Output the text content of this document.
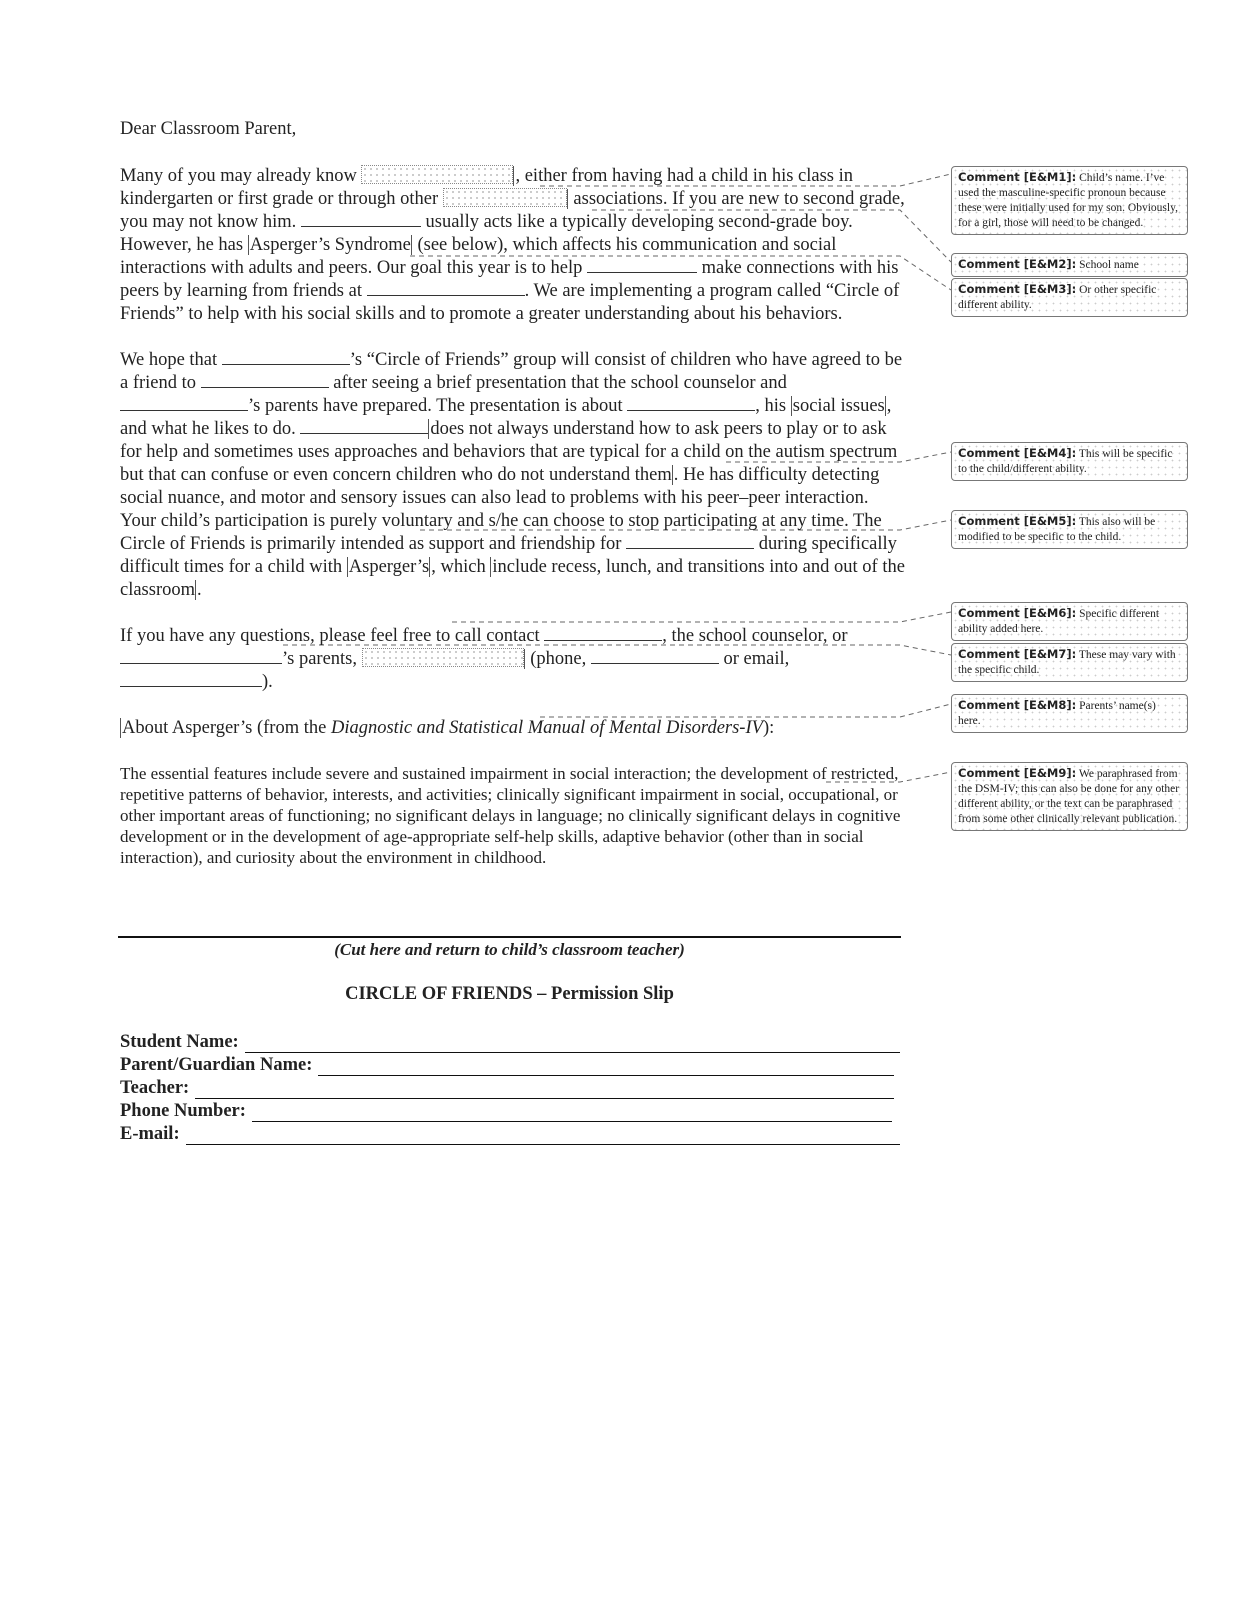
Dear Classroom Parent,

Many of you may already know	, either from having had a child in his class in kindergarten or first grade or through other	associations. If you are new to second grade, you may not know him.	usually acts like a typically developing second-grade boy. However, he has Asperger’s Syndrome (see below), which affects his communication and social interactions with adults and peers. Our goal this year is to help	make connections with his peers by learning from friends at	. We are implementing a program called “Circle of Friends” to help with his social skills and to promote a greater understanding about his behaviors.

We hope that	’s “Circle of Friends” group will consist of children who have agreed to be a friend to	after seeing a brief presentation that the school counselor and ’s parents have prepared. The presentation is about	, his social issues , and what he likes to do.	does not always understand how to ask peers to play or to ask for help and sometimes uses approaches and behaviors that are typical for a child on the autism spectrum but that can confuse or even concern children who do not understand them . He has difficulty detecting social nuance, and motor and sensory issues can also lead to problems with his peer–peer interaction. Your child’s participation is purely voluntary and s/he can choose to stop participating at any time. The Circle of Friends is primarily intended as support and friendship for	during specifically difficult times for a child with Asperger’s , which include recess, lunch, and transitions into and out of the classroom .

If you have any questions, please feel free to call contact	, the school counselor, or ’s parents,	(phone,	or email, ).

About Asperger’s (from the Diagnostic and Statistical Manual of Mental Disorders-IV):

The essential features include severe and sustained impairment in social interaction; the development of restricted, repetitive patterns of behavior, interests, and activities; clinically significant impairment in social, occupational, or other important areas of functioning; no significant delays in language; no clinically significant delays in cognitive development or in the development of age-appropriate self-help skills, adaptive behavior (other than in social interaction), and curiosity about the environment in childhood.

(Cut here and return to child’s classroom teacher)
CIRCLE OF FRIENDS – Permission Slip
Student Name:
Parent/Guardian Name:
Teacher:
Phone Number:
E-mail:
Comment [E&M1]: Child’s name. I’ve used the masculine-specific pronoun because these were initially used for my son. Obviously, for a girl, those will need to be changed.
Comment [E&M2]: School name
Comment [E&M3]: Or other specific different ability.
Comment [E&M4]: This will be specific to the child/different ability.
Comment [E&M5]: This also will be modified to be specific to the child.
Comment [E&M6]: Specific different ability added here.
Comment [E&M7]: These may vary with the specific child.
Comment [E&M8]: Parents’ name(s) here.
Comment [E&M9]: We paraphrased from the DSM-IV; this can also be done for any other different ability, or the text can be paraphrased from some other clinically relevant publication.
